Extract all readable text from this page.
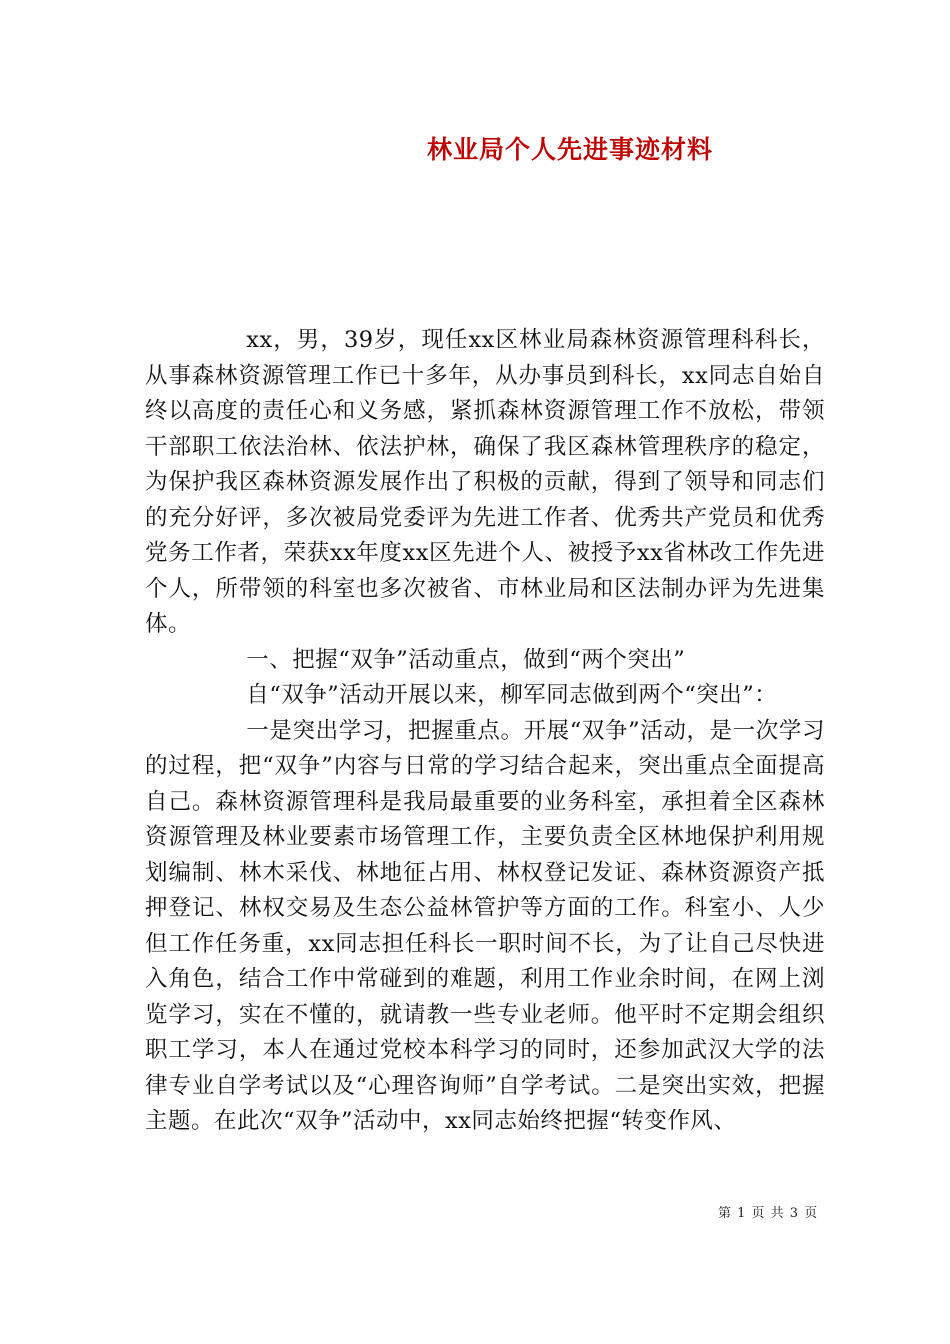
林业局个人先进事迹材料

xx，男，39岁，现任xx区林业局森林资源管理科科长，从事森林资源管理工作已十多年，从办事员到科长，xx同志自始自终以高度的责任心和义务感，紧抓森林资源管理工作不放松，带领干部职工依法治林、依法护林，确保了我区森林管理秩序的稳定，为保护我区森林资源发展作出了积极的贡献，得到了领导和同志们的充分好评，多次被局党委评为先进工作者、优秀共产党员和优秀党务工作者，荣获xx年度xx区先进个人、被授予xx省林改工作先进个人，所带领的科室也多次被省、市林业局和区法制办评为先进集体。

一、把握“双争”活动重点，做到“两个突出”

自“双争”活动开展以来，柳军同志做到两个“突出”：

一是突出学习，把握重点。开展“双争”活动，是一次学习的过程，把“双争”内容与日常的学习结合起来，突出重点全面提高自己。森林资源管理科是我局最重要的业务科室，承担着全区森林资源管理及林业要素市场管理工作，主要负责全区林地保护利用规划编制、林木采伐、林地征占用、林权登记发证、森林资源资产抵押登记、林权交易及生态公益林管护等方面的工作。科室小、人少但工作任务重，xx同志担任科长一职时间不长，为了让自己尽快进入角色，结合工作中常碰到的难题，利用工作业余时间，在网上浏览学习，实在不懂的，就请教一些专业老师。他平时不定期会组织职工学习，本人在通过党校本科学习的同时，还参加武汉大学的法律专业自学考试以及“心理咨询师”自学考试。二是突出实效，把握主题。在此次“双争”活动中，xx同志始终把握“转变作风、

第 1 页 共 3 页
